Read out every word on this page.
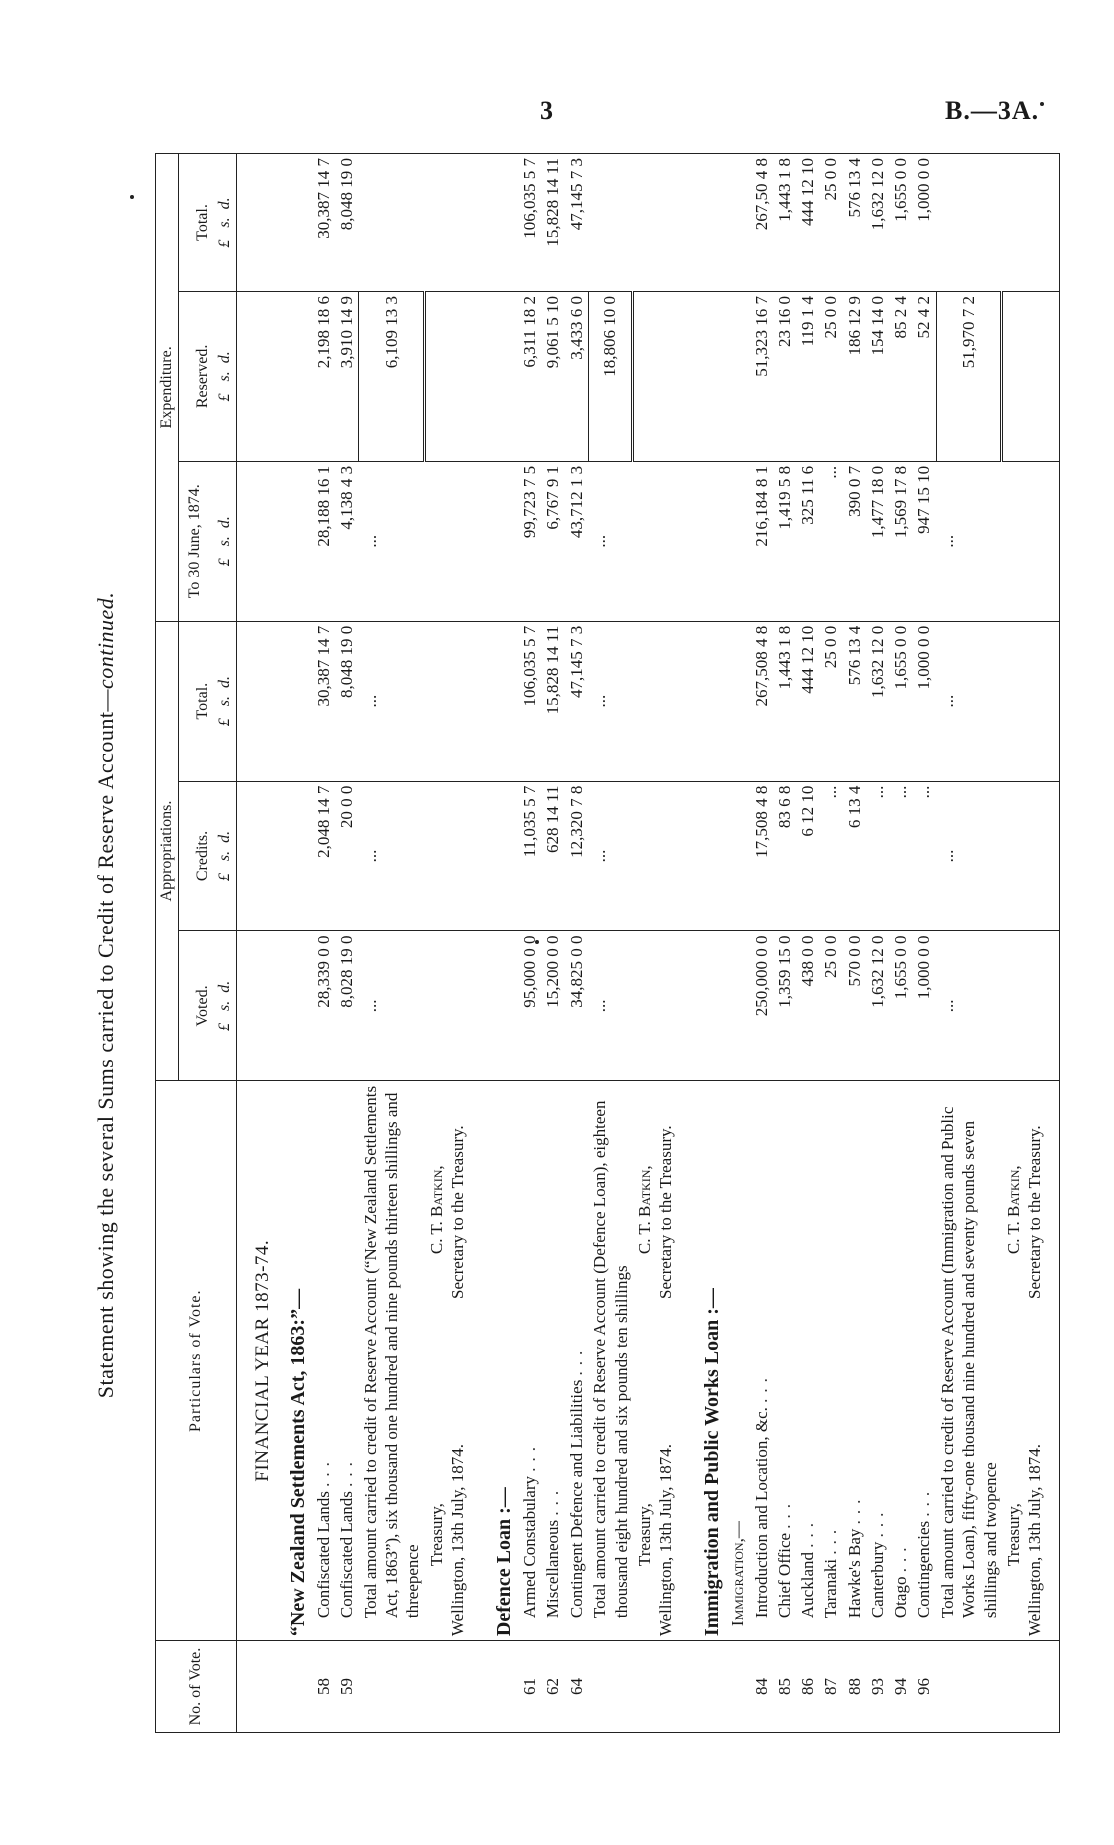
3	B.—3A.
Statement showing the several Sums carried to Credit of Reserve Account—continued.
No. of Vote.	Particulars of Vote.	Appropriations.			Expenditure.		
		Voted.	Credits.	Total.	To 30 June, 1874.	Reserved.	Total.
		£   s.  d.	£   s.  d.	£   s.  d.	£   s.  d.	£   s.  d.	£   s.  d.
	FINANCIAL YEAR 1873-74.						
	“New Zealand Settlements Act, 1863:”—						
58	Confiscated Lands ...	28,339 0 0	2,048 14 7	30,387 14 7	28,188 16 1	2,198 18 6	30,387 14 7
59	Confiscated Lands ...	8,028 19 0	20 0 0	8,048 19 0	4,138 4 3	3,910 14 9	8,048 19 0
	Total amount carried to credit of Reserve Account (“New Zealand Settlements Act, 1863”), six thousand one hundred and nine pounds thirteen shillings and threepence	...	...	...	...	6,109 13 3	

	Treasury,
C. T. Batkin,
Wellington, 13th July, 1874.
Secretary to the Treasury.						

	Defence Loan :—						
61	Armed Constabulary ...	95,000 0 0	11,035 5 7	106,035 5 7	99,723 7 5	6,311 18 2	106,035 5 7
62	Miscellaneous ...	15,200 0 0	628 14 11	15,828 14 11	6,767 9 1	9,061 5 10	15,828 14 11
64	Contingent Defence and Liabilities ...	34,825 0 0	12,320 7 8	47,145 7 3	43,712 1 3	3,433 6 0	47,145 7 3
	Total amount carried to credit of Reserve Account (Defence Loan), eighteen thousand eight hundred and six pounds ten shillings	...	...	...	...	18,806 10 0	

	Treasury,
C. T. Batkin,
Wellington, 13th July, 1874.
Secretary to the Treasury.						

	Immigration and Public Works Loan :—						
	Immigration,—						
84	Introduction and Location, &c. ...	250,000 0 0	17,508 4 8	267,508 4 8	216,184 8 1	51,323 16 7	267,50 4 8
85	Chief Office ...	1,359 15 0	83 6 8	1,443 1 8	1,419 5 8	23 16 0	1,443 1 8
86	Auckland ...	438 0 0	6 12 10	444 12 10	325 11 6	119 1 4	444 12 10
87	Taranaki ...	25 0 0	...	25 0 0	...	25 0 0	25 0 0
88	Hawke's Bay ...	570 0 0	6 13 4	576 13 4	390 0 7	186 12 9	576 13 4
93	Canterbury ...	1,632 12 0	...	1,632 12 0	1,477 18 0	154 14 0	1,632 12 0
94	Otago ...	1,655 0 0	...	1,655 0 0	1,569 17 8	85 2 4	1,655 0 0
96	Contingencies ...	1,000 0 0	...	1,000 0 0	947 15 10	52 4 2	1,000 0 0
	Total amount carried to credit of Reserve Account (Immigration and Public Works Loan), fifty-one thousand nine hundred and seventy pounds seven shillings and twopence	...	...	...	...	51,970 7 2	

	Treasury,
C. T. Batkin,
Wellington, 13th July, 1874.
Secretary to the Treasury.						
